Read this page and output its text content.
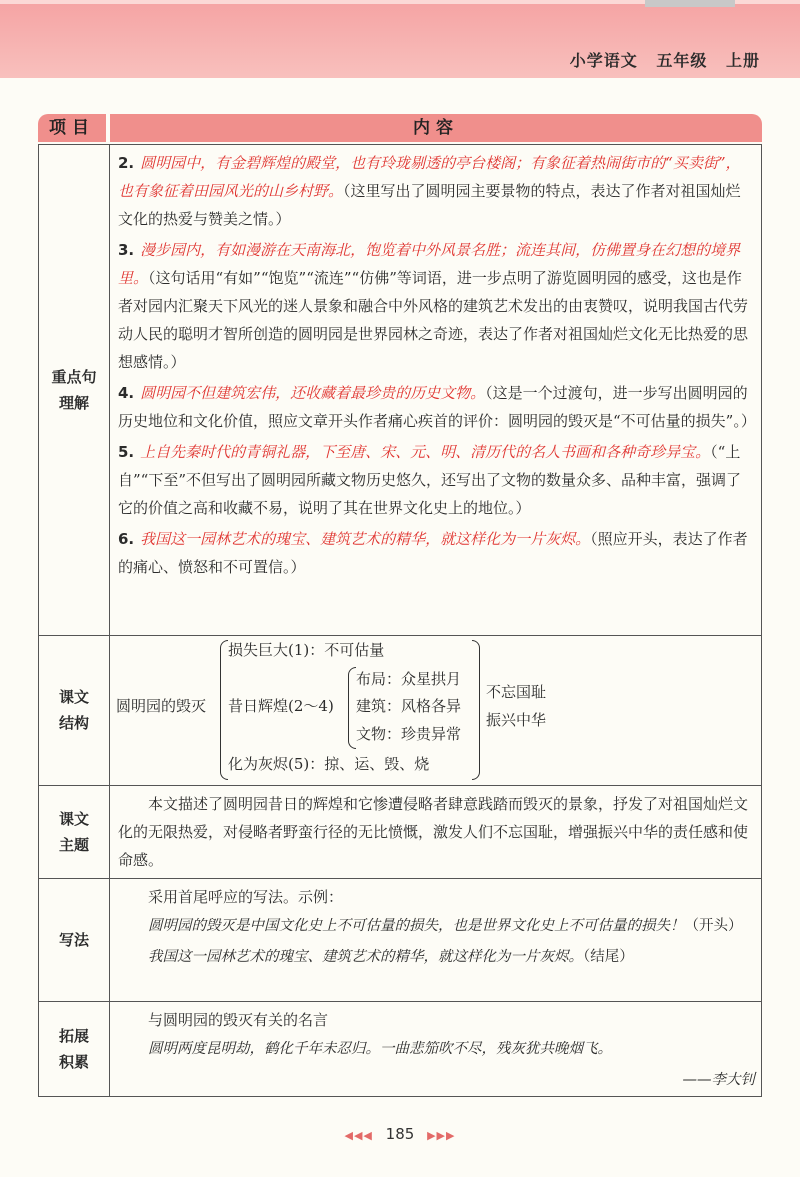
小学语文 五年级 上册
项目	内容
重点句
理解

2. 圆明园中，有金碧辉煌的殿堂，也有玲珑剔透的亭台楼阁；有象征着热闹街市的“买卖街”，也有象征着田园风光的山乡村野。（这里写出了圆明园主要景物的特点，表达了作者对祖国灿烂文化的热爱与赞美之情。）

3. 漫步园内，有如漫游在天南海北，饱览着中外风景名胜；流连其间，仿佛置身在幻想的境界里。（这句话用“有如”“饱览”“流连”“仿佛”等词语，进一步点明了游览圆明园的感受，这也是作者对园内汇聚天下风光的迷人景象和融合中外风格的建筑艺术发出的由衷赞叹，说明我国古代劳动人民的聪明才智所创造的圆明园是世界园林之奇迹，表达了作者对祖国灿烂文化无比热爱的思想感情。）

4. 圆明园不但建筑宏伟，还收藏着最珍贵的历史文物。（这是一个过渡句，进一步写出圆明园的历史地位和文化价值，照应文章开头作者痛心疾首的评价：圆明园的毁灭是“不可估量的损失”。）

5. 上自先秦时代的青铜礼器，下至唐、宋、元、明、清历代的名人书画和各种奇珍异宝。（“上自”“下至”不但写出了圆明园所藏文物历史悠久，还写出了文物的数量众多、品种丰富，强调了它的价值之高和收藏不易，说明了其在世界文化史上的地位。）

6. 我国这一园林艺术的瑰宝、建筑艺术的精华，就这样化为一片灰烬。（照应开头，表达了作者的痛心、愤怒和不可置信。）

课文
结构
圆明园的毁灭
损失巨大(1)：不可估量
昔日辉煌(2～4)
布局：众星拱月
建筑：风格各异
文物：珍贵异常
化为灰烬(5)：掠、运、毁、烧
不忘国耻
振兴中华
课文
主题

本文描述了圆明园昔日的辉煌和它惨遭侵略者肆意践踏而毁灭的景象，抒发了对祖国灿烂文化的无限热爱，对侵略者野蛮行径的无比愤慨，激发人们不忘国耻，增强振兴中华的责任感和使命感。

写法

采用首尾呼应的写法。示例：

圆明园的毁灭是中国文化史上不可估量的损失，也是世界文化史上不可估量的损失！（开头）

我国这一园林艺术的瑰宝、建筑艺术的精华，就这样化为一片灰烬。（结尾）

拓展
积累

与圆明园的毁灭有关的名言

圆明两度昆明劫，鹤化千年未忍归。一曲悲笳吹不尽，残灰犹共晚烟飞。

——李大钊

◀◀◀ 185 ▶▶▶
